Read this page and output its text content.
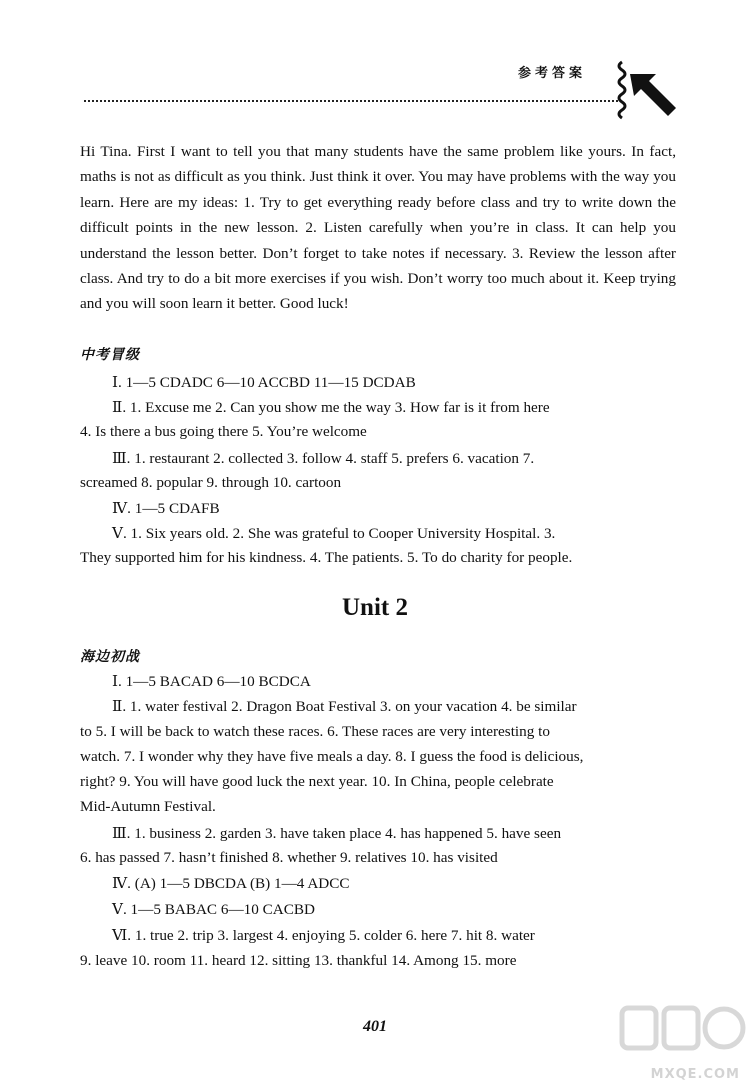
参考答案

Hi Tina. First I want to tell you that many students have the same problem like yours. In fact, maths is not as difficult as you think. Just think it over. You may have problems with the way you learn. Here are my ideas: 1. Try to get everything ready before class and try to write down the difficult points in the new lesson. 2. Listen carefully when you’re in class. It can help you understand the lesson better. Don’t forget to take notes if necessary. 3. Review the lesson after class. And try to do a bit more exercises if you wish. Don’t worry too much about it. Keep trying and you will soon learn it better. Good luck!

中考冒级
Ⅰ. 1—5 CDADC 6—10 ACCBD 11—15 DCDAB
Ⅱ. 1. Excuse me 2. Can you show me the way 3. How far is it from here
4. Is there a bus going there 5. You’re welcome
Ⅲ. 1. restaurant 2. collected 3. follow 4. staff 5. prefers 6. vacation 7.
screamed 8. popular 9. through 10. cartoon
Ⅳ. 1—5 CDAFB
Ⅴ. 1. Six years old. 2. She was grateful to Cooper University Hospital. 3.
They supported him for his kindness. 4. The patients. 5. To do charity for people.
Unit 2
海边初战
Ⅰ. 1—5 BACAD 6—10 BCDCA
Ⅱ. 1. water festival 2. Dragon Boat Festival 3. on your vacation 4. be similar
to 5. I will be back to watch these races. 6. These races are very interesting to
watch. 7. I wonder why they have five meals a day. 8. I guess the food is delicious,
right? 9. You will have good luck the next year. 10. In China, people celebrate
Mid-Autumn Festival.
Ⅲ. 1. business 2. garden 3. have taken place 4. has happened 5. have seen
6. has passed 7. hasn’t finished 8. whether 9. relatives 10. has visited
Ⅳ. (A) 1—5 DBCDA (B) 1—4 ADCC
Ⅴ. 1—5 BABAC 6—10 CACBD
Ⅵ. 1. true 2. trip 3. largest 4. enjoying 5. colder 6. here 7. hit 8. water
9. leave 10. room 11. heard 12. sitting 13. thankful 14. Among 15. more
401
MXQE.COM
